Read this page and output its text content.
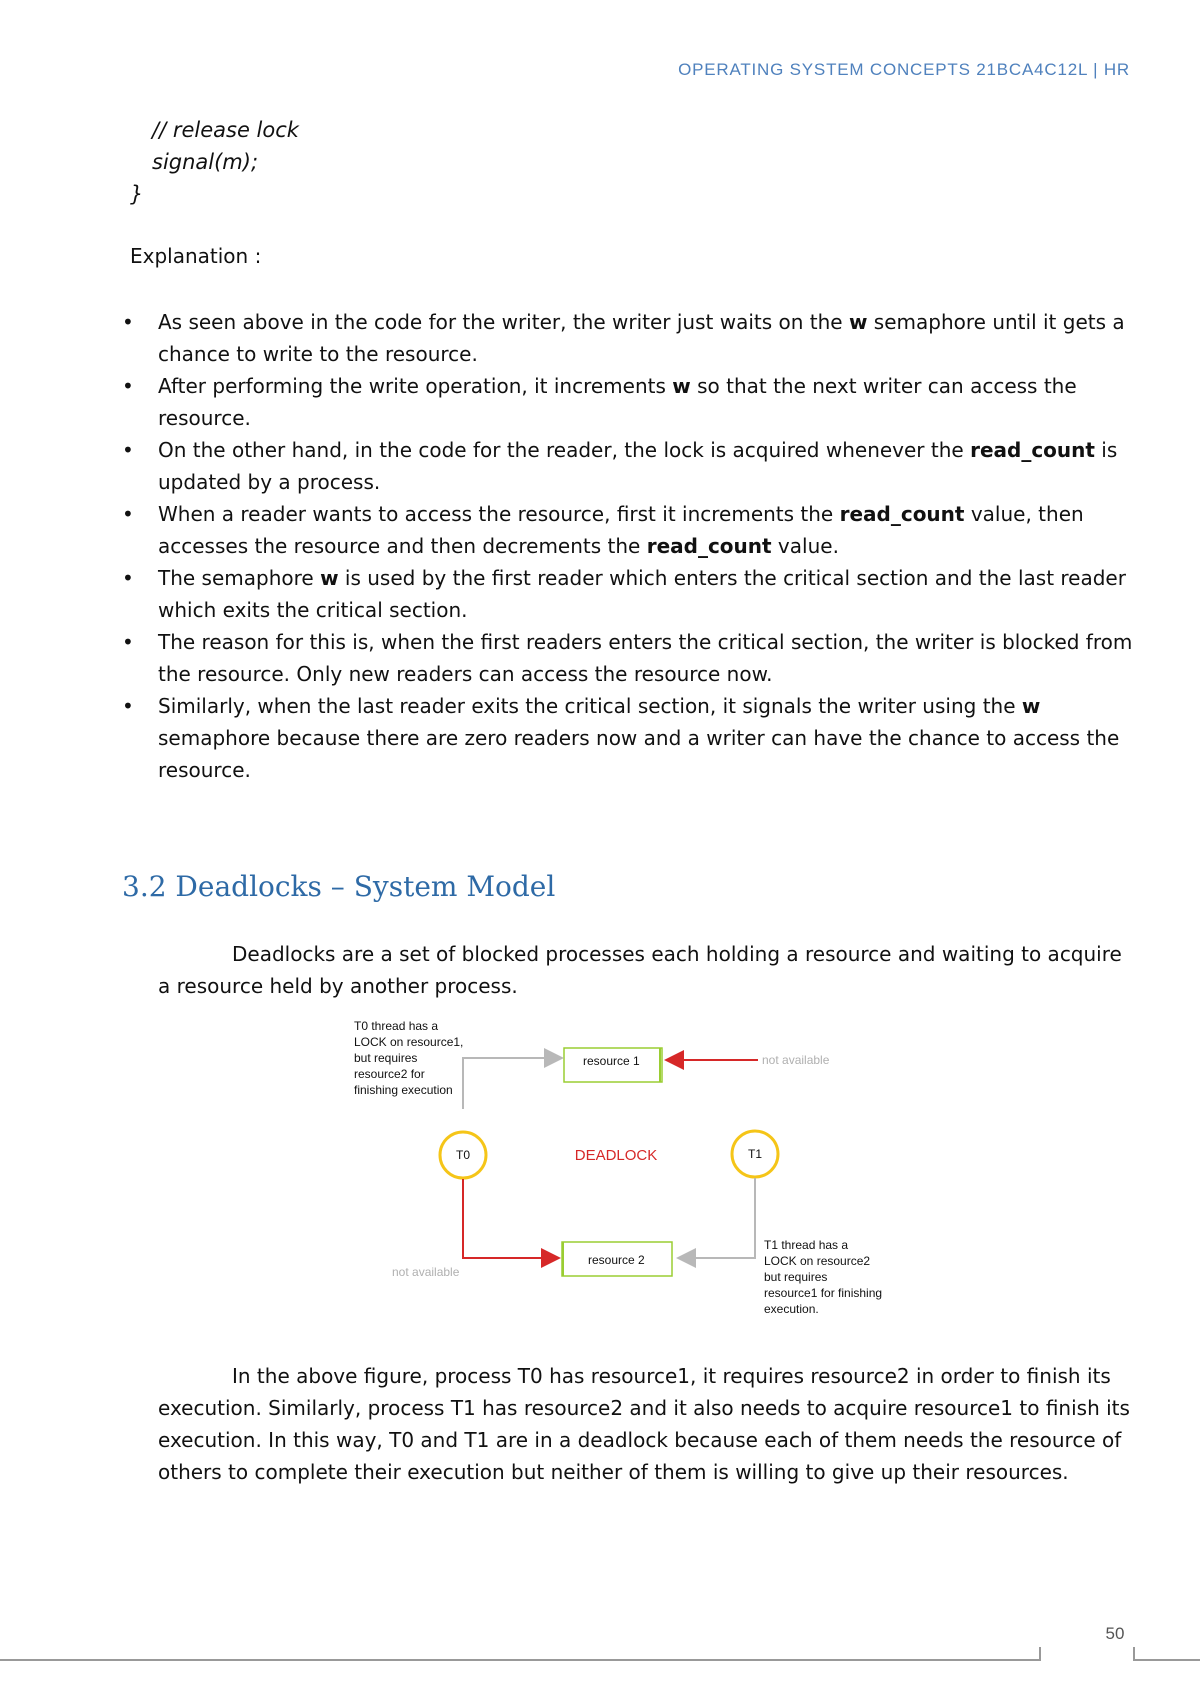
OPERATING SYSTEM CONCEPTS 21BCA4C12L | HR
// release lock
signal(m);
}
Explanation :
• As seen above in the code for the writer, the writer just waits on the w semaphore until it gets a chance to write to the resource.
• After performing the write operation, it increments w so that the next writer can access the resource.
• On the other hand, in the code for the reader, the lock is acquired whenever the read_count is updated by a process.
• When a reader wants to access the resource, first it increments the read_count value, then accesses the resource and then decrements the read_count value.
• The semaphore w is used by the first reader which enters the critical section and the last reader which exits the critical section.
• The reason for this is, when the first readers enters the critical section, the writer is blocked from the resource. Only new readers can access the resource now.
• Similarly, when the last reader exits the critical section, it signals the writer using the w semaphore because there are zero readers now and a writer can have the chance to access the resource.
3.2 Deadlocks – System Model
Deadlocks are a set of blocked processes each holding a resource and waiting to acquire a resource held by another process.
T0 thread has a LOCK on resource1, but requires resource2 for finishing execution
resource 1	not available
T0	DEADLOCK	T1
not available
resource 2
T1 thread has a LOCK on resource2 but requires resource1 for finishing execution.
In the above figure, process T0 has resource1, it requires resource2 in order to finish its execution. Similarly, process T1 has resource2 and it also needs to acquire resource1 to finish its execution. In this way, T0 and T1 are in a deadlock because each of them needs the resource of others to complete their execution but neither of them is willing to give up their resources.
50
